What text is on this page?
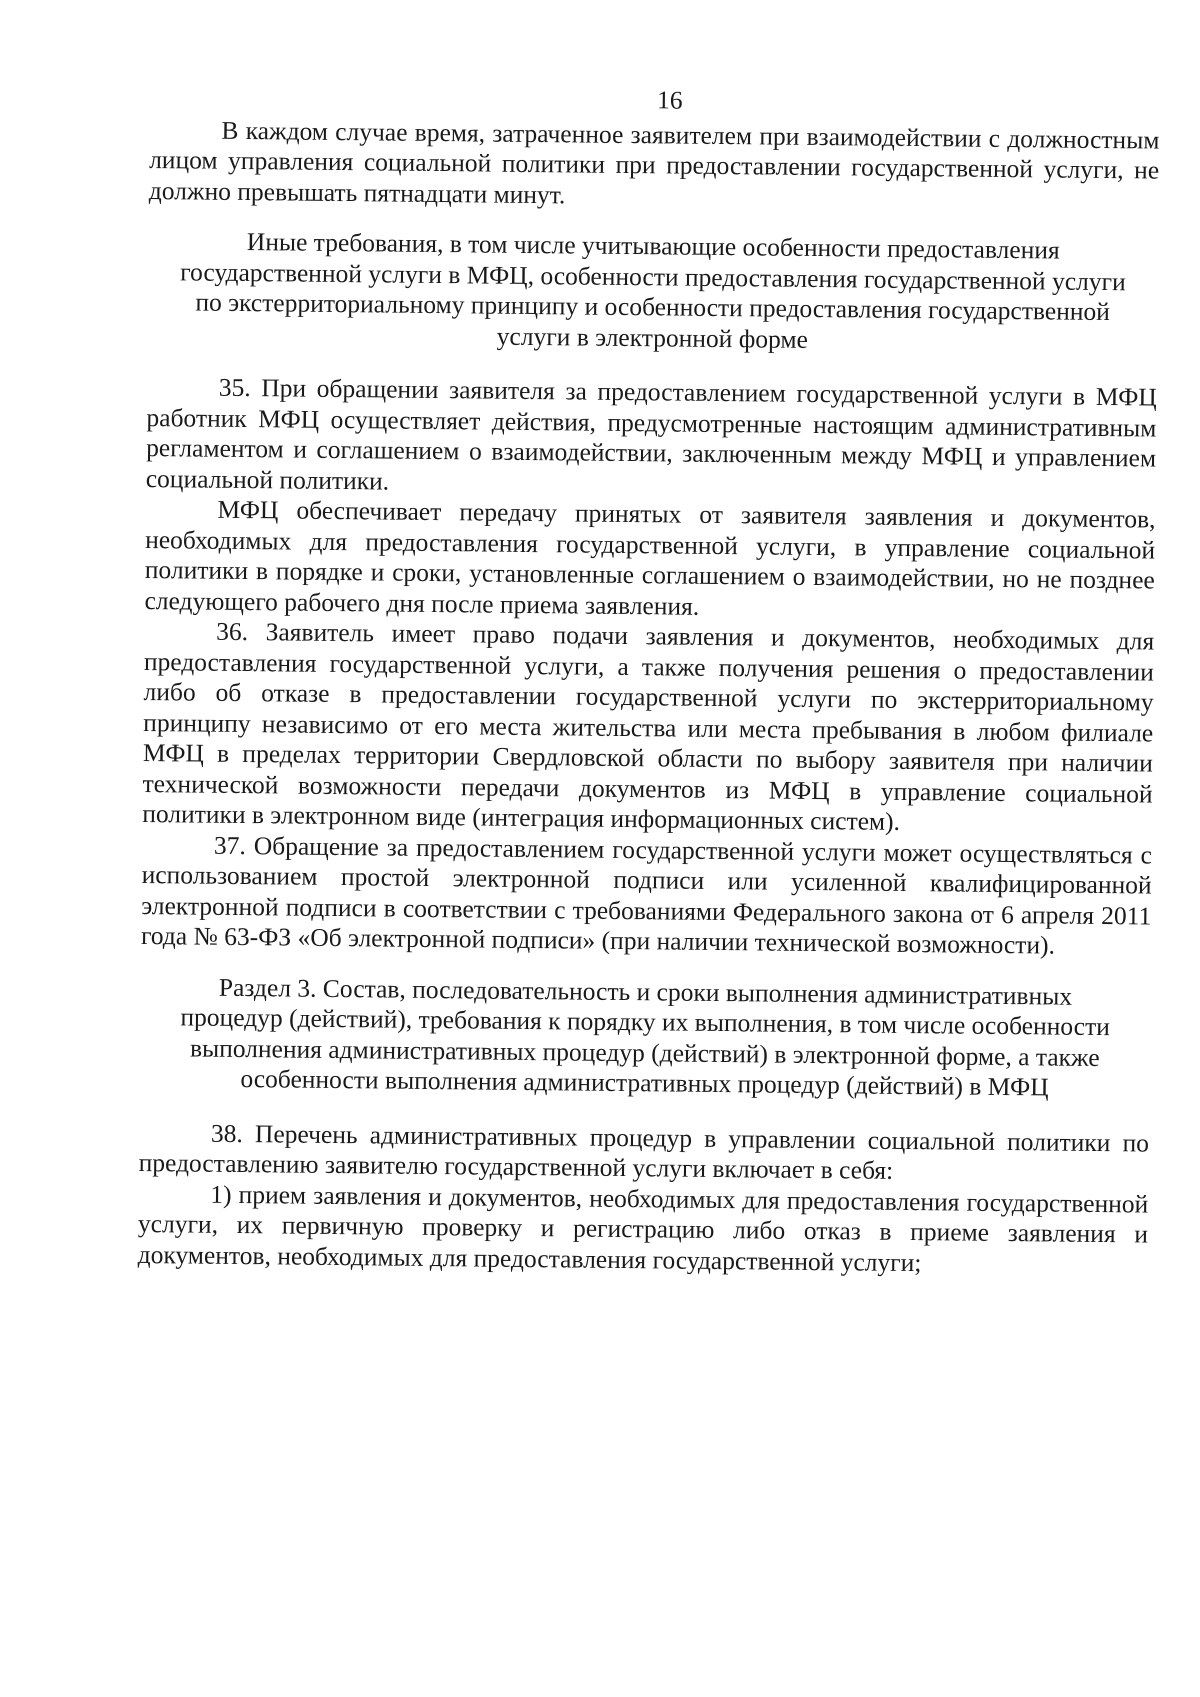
16

В каждом случае время, затраченное заявителем при взаимодействии с должностным лицом управления социальной политики при предоставлении государственной услуги, не должно превышать пятнадцати минут.

Иные требования, в том числе учитывающие особенности предоставления государственной услуги в МФЦ, особенности предоставления государственной услуги по экстерриториальному принципу и особенности предоставления государственной услуги в электронной форме

35. При обращении заявителя за предоставлением государственной услуги в МФЦ работник МФЦ осуществляет действия, предусмотренные настоящим административным регламентом и соглашением о взаимодействии, заключенным между МФЦ и управлением социальной политики.

МФЦ обеспечивает передачу принятых от заявителя заявления и документов, необходимых для предоставления государственной услуги, в управление социальной политики в порядке и сроки, установленные соглашением о взаимодействии, но не позднее следующего рабочего дня после приема заявления.

36. Заявитель имеет право подачи заявления и документов, необходимых для предоставления государственной услуги, а также получения решения о предоставлении либо об отказе в предоставлении государственной услуги по экстерриториальному принципу независимо от его места жительства или места пребывания в любом филиале МФЦ в пределах территории Свердловской области по выбору заявителя при наличии технической возможности передачи документов из МФЦ в управление социальной политики в электронном виде (интеграция информационных систем).

37. Обращение за предоставлением государственной услуги может осуществляться с использованием простой электронной подписи или усиленной квалифицированной электронной подписи в соответствии с требованиями Федерального закона от 6 апреля 2011 года № 63-ФЗ «Об электронной подписи» (при наличии технической возможности).

Раздел 3. Состав, последовательность и сроки выполнения административных процедур (действий), требования к порядку их выполнения, в том числе особенности выполнения административных процедур (действий) в электронной форме, а также особенности выполнения административных процедур (действий) в МФЦ

38. Перечень административных процедур в управлении социальной политики по предоставлению заявителю государственной услуги включает в себя:

1) прием заявления и документов, необходимых для предоставления государственной услуги, их первичную проверку и регистрацию либо отказ в приеме заявления и документов, необходимых для предоставления государственной услуги;
